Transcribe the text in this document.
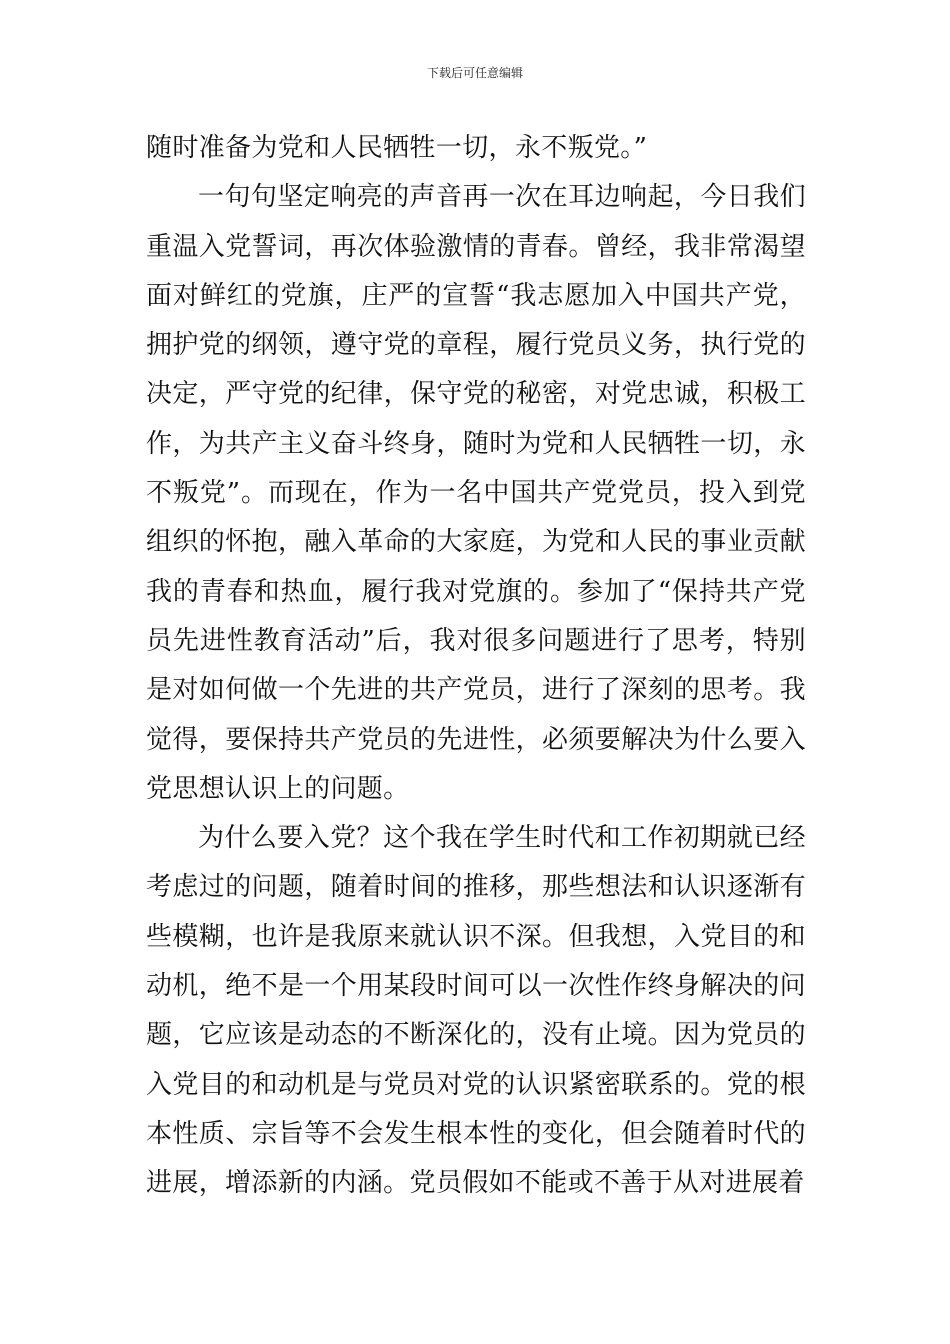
下载后可任意编辑

随时准备为党和人民牺牲一切，永不叛党。”

一句句坚定响亮的声音再一次在耳边响起，今日我们重温入党誓词，再次体验激情的青春。曾经，我非常渴望面对鲜红的党旗，庄严的宣誓“我志愿加入中国共产党，拥护党的纲领，遵守党的章程，履行党员义务，执行党的决定，严守党的纪律，保守党的秘密，对党忠诚，积极工作，为共产主义奋斗终身，随时为党和人民牺牲一切，永不叛党”。而现在，作为一名中国共产党党员，投入到党组织的怀抱，融入革命的大家庭，为党和人民的事业贡献我的青春和热血，履行我对党旗的。参加了“保持共产党员先进性教育活动”后，我对很多问题进行了思考，特别是对如何做一个先进的共产党员，进行了深刻的思考。我觉得，要保持共产党员的先进性，必须要解决为什么要入党思想认识上的问题。

为什么要入党？这个我在学生时代和工作初期就已经考虑过的问题，随着时间的推移，那些想法和认识逐渐有些模糊，也许是我原来就认识不深。但我想，入党目的和动机，绝不是一个用某段时间可以一次性作终身解决的问题，它应该是动态的不断深化的，没有止境。因为党员的入党目的和动机是与党员对党的认识紧密联系的。党的根本性质、宗旨等不会发生根本性的变化，但会随着时代的进展，增添新的内涵。党员假如不能或不善于从对进展着
